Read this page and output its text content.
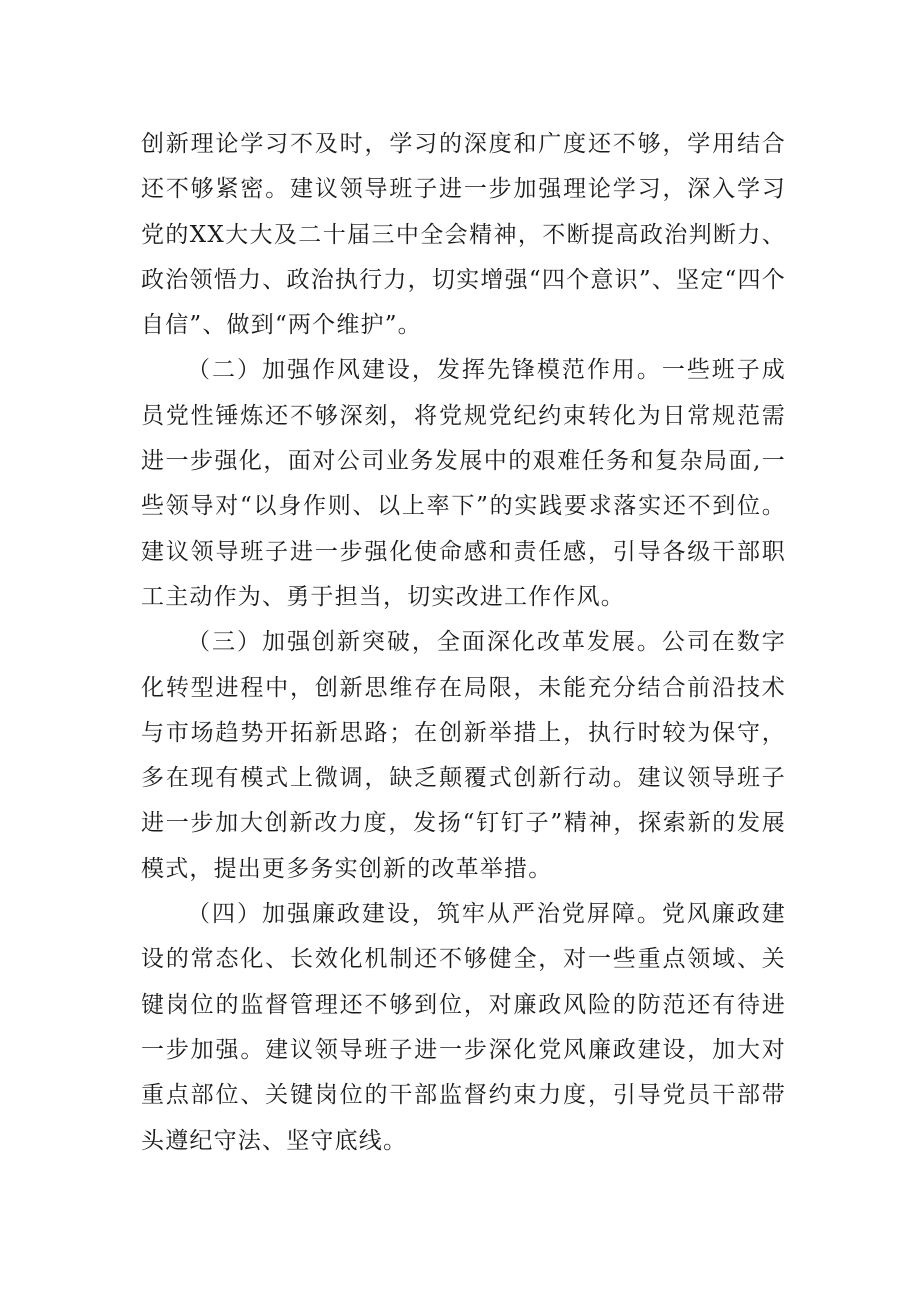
创新理论学习不及时，学习的深度和广度还不够，学用结合还不够紧密。建议领导班子进一步加强理论学习，深入学习党的XX大大及二十届三中全会精神，不断提高政治判断力、政治领悟力、政治执行力，切实增强“四个意识”、坚定“四个自信”、做到“两个维护”。

（二）加强作风建设，发挥先锋模范作用。一些班子成员党性锤炼还不够深刻，将党规党纪约束转化为日常规范需进一步强化，面对公司业务发展中的艰难任务和复杂局面,一些领导对“以身作则、以上率下”的实践要求落实还不到位。建议领导班子进一步强化使命感和责任感，引导各级干部职工主动作为、勇于担当，切实改进工作作风。

（三）加强创新突破，全面深化改革发展。公司在数字化转型进程中，创新思维存在局限，未能充分结合前沿技术与市场趋势开拓新思路；在创新举措上，执行时较为保守，多在现有模式上微调，缺乏颠覆式创新行动。建议领导班子进一步加大创新改力度，发扬“钉钉子”精神，探索新的发展模式，提出更多务实创新的改革举措。

（四）加强廉政建设，筑牢从严治党屏障。党风廉政建设的常态化、长效化机制还不够健全，对一些重点领域、关键岗位的监督管理还不够到位，对廉政风险的防范还有待进一步加强。建议领导班子进一步深化党风廉政建设，加大对重点部位、关键岗位的干部监督约束力度，引导党员干部带头遵纪守法、坚守底线。
